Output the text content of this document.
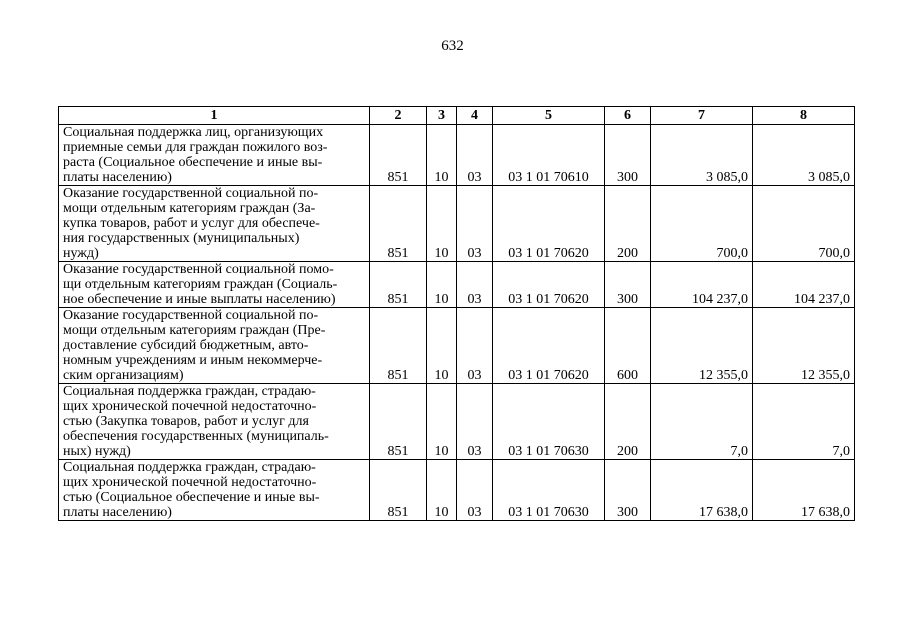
632
1	2	3	4	5	6	7	8
Социальная поддержка лиц, организующих
приемные семьи для граждан пожилого воз-
раста (Социальное обеспечение и иные вы-
платы населению)	851	10	03	03 1 01 70610	300	3 085,0	3 085,0
Оказание государственной социальной по-
мощи отдельным категориям граждан (За-
купка товаров, работ и услуг для обеспече-
ния государственных (муниципальных)
нужд)	851	10	03	03 1 01 70620	200	700,0	700,0
Оказание государственной социальной помо-
щи отдельным категориям граждан (Социаль-
ное обеспечение и иные выплаты населению)	851	10	03	03 1 01 70620	300	104 237,0	104 237,0
Оказание государственной социальной по-
мощи отдельным категориям граждан (Пре-
доставление субсидий бюджетным, авто-
номным учреждениям и иным некоммерче-
ским организациям)	851	10	03	03 1 01 70620	600	12 355,0	12 355,0
Социальная поддержка граждан, страдаю-
щих хронической почечной недостаточно-
стью (Закупка товаров, работ и услуг для
обеспечения государственных (муниципаль-
ных) нужд)	851	10	03	03 1 01 70630	200	7,0	7,0
Социальная поддержка граждан, страдаю-
щих хронической почечной недостаточно-
стью (Социальное обеспечение и иные вы-
платы населению)	851	10	03	03 1 01 70630	300	17 638,0	17 638,0
